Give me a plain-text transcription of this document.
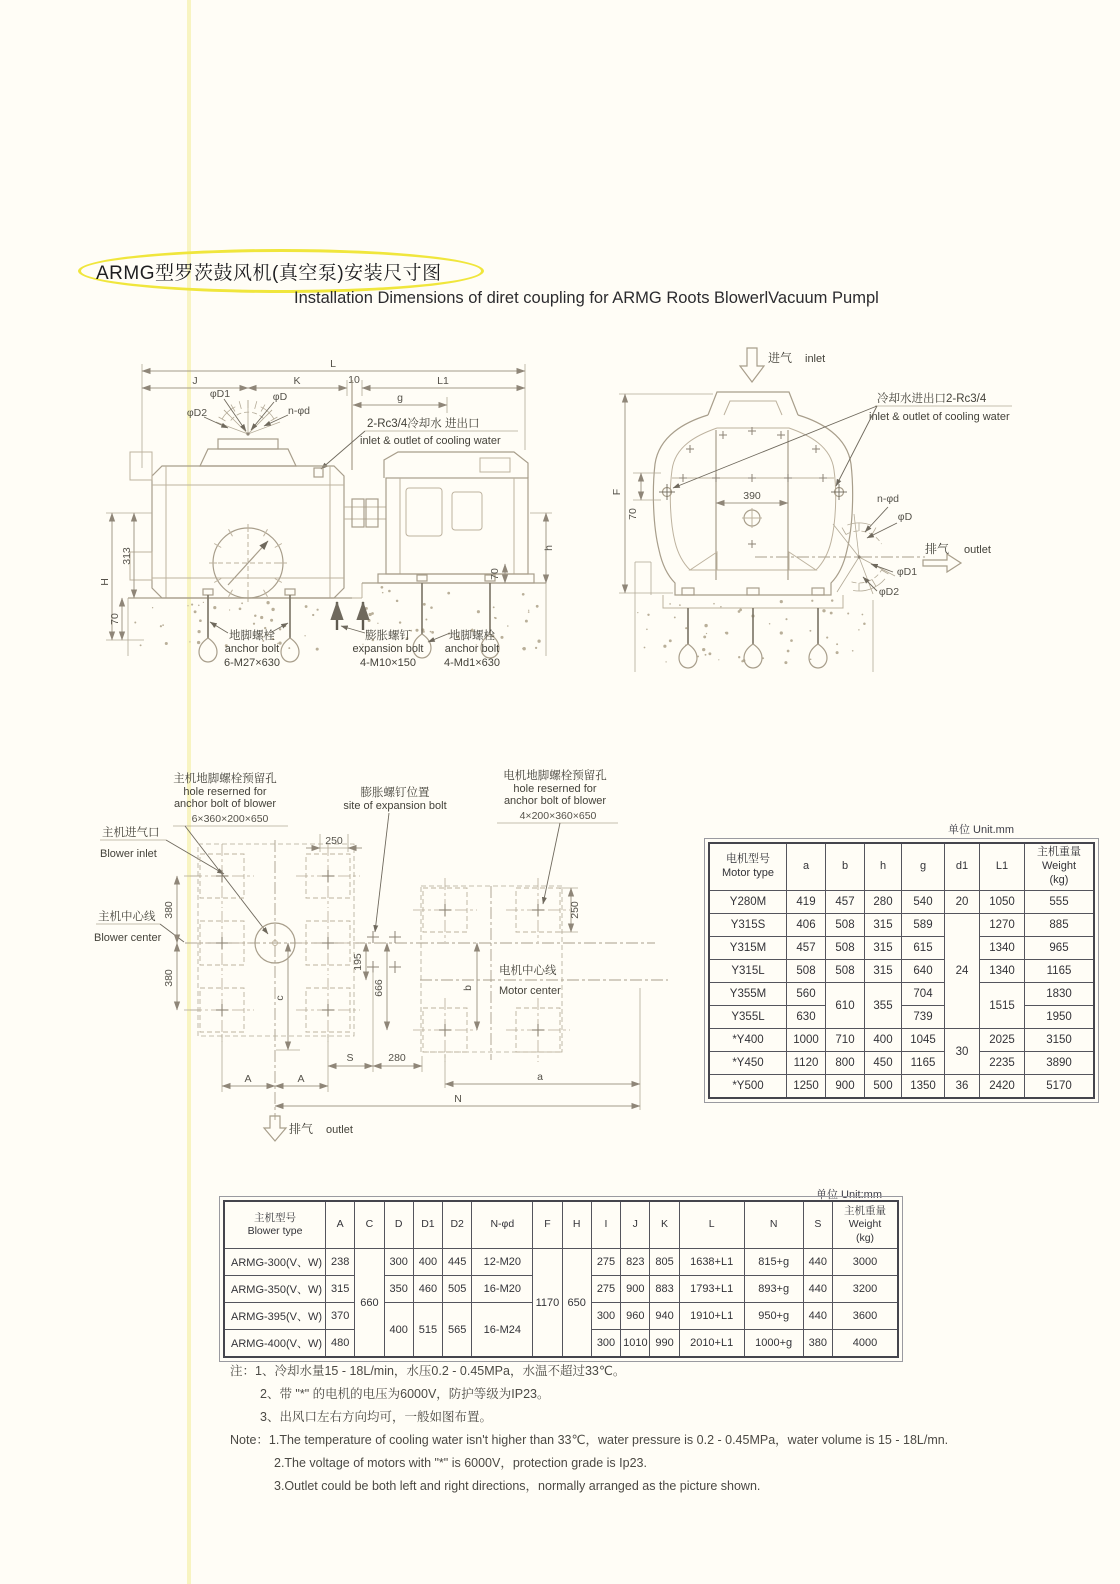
ARMG型罗茨鼓风机(真空泵)安装尺寸图
Installation Dimensions of diret coupling for ARMG Roots BlowerlVacuum Pumpl
L
J	K	10	L1
g
φD1	φD
φD2	n-φd
2-Rc3/4冷却水 进出口
inlet & outlet of cooling water
H
313
70
h
70
地脚螺栓
anchor bolt
6-M27×630
膨胀螺钉
expansion bolt
4-M10×150
地脚螺栓
anchor bolt
4-Md1×630
进气 inlet
390
F
70
冷却水进出口2-Rc3/4
inlet & outlet of cooling water
n-φd
φD
φD1
φD2
排气 outlet
主机地脚螺栓预留孔
hole reserned for
anchor bolt of blower
6×360×200×650
膨胀螺钉位置
site of expansion bolt
电机地脚螺栓预留孔
hole reserned for
anchor bolt of blower
4×200×360×650
主机进气口
Blower inlet
主机中心线
Blower center
电机中心线
Motor center
380
380
250
195
666	b
c
250
S	280
A	A	a
N
排气 outlet
单位 Unit.mm
电机型号
Motor type	a	b	h	g	d1	L1	主机重量
Weight
(kg)
Y280M	419	457	280	540	20	1050	555
Y315S	406	508	315	589	24	1270	885
Y315M	457	508	315	615		1340	965
Y315L	508	508	315	640		1340	1165
Y355M	560	610	355	704		1515	1830
Y355L	630			739			1950
*Y400	1000	710	400	1045	30	2025	3150
*Y450	1120	800	450	1165		2235	3890
*Y500	1250	900	500	1350	36	2420	5170
单位 Unit:mm
主机型号
Blower type	A	C	D	D1	D2	N-φd	F	H	I	J	K	L	N	S	主机重量
Weight
(kg)
ARMG-300(V、W)	238	660	300	400	445	12-M20	1170	650	275	823	805	1638+L1	815+g	440	3000
ARMG-350(V、W)	315		350	460	505	16-M20			275	900	883	1793+L1	893+g	440	3200
ARMG-395(V、W)	370		400	515	565	16-M24			300	960	940	1910+L1	950+g	440	3600
ARMG-400(V、W)	480								300	1010	990	2010+L1	1000+g	380	4000
注：1、冷却水量15 - 18L/min，水压0.2 - 0.45MPa，水温不超过33℃。
2、带 "*" 的电机的电压为6000V，防护等级为IP23。
3、出风口左右方向均可，一般如图布置。
Note：1.The temperature of cooling water isn't higher than 33℃，water pressure is 0.2 - 0.45MPa，water volume is 15 - 18L/mn.
2.The voltage of motors with "*" is 6000V，protection grade is Ip23.
3.Outlet could be both left and right directions，normally arranged as the picture shown.
